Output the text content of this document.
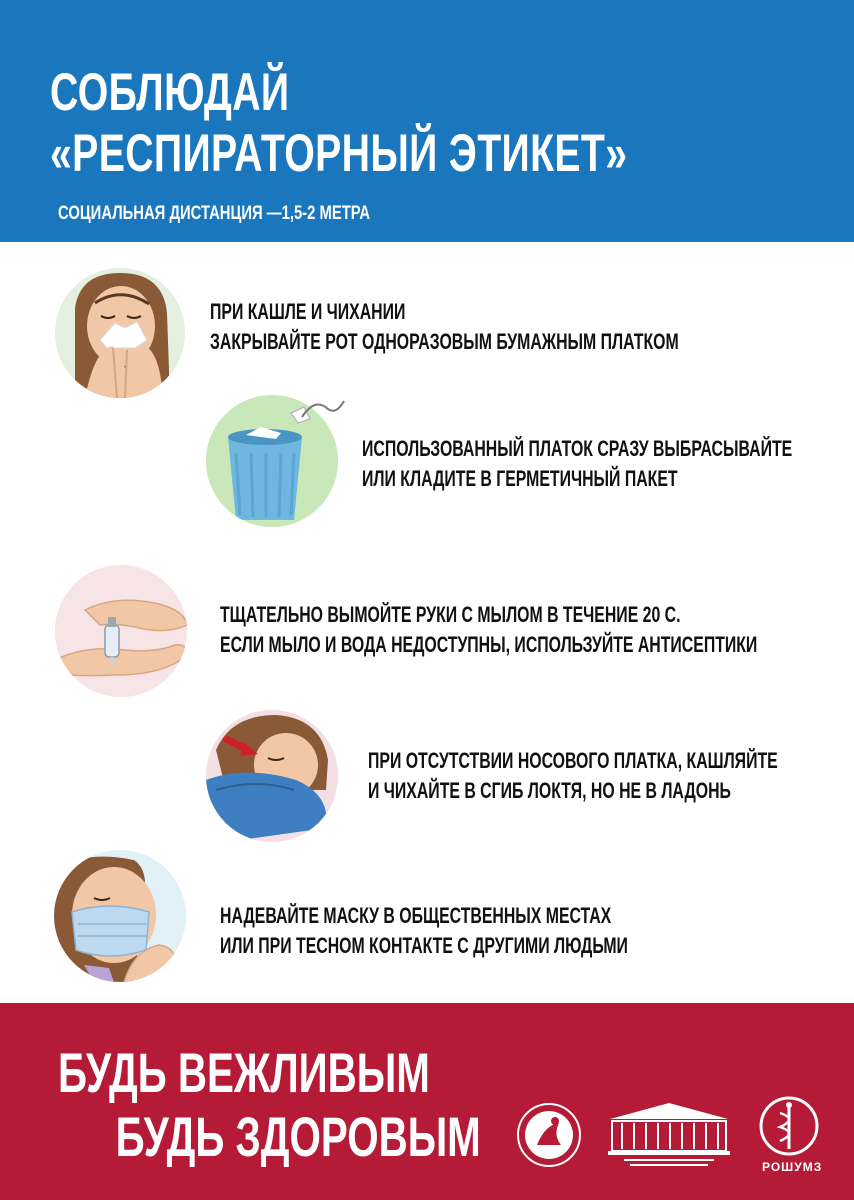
СОБЛЮДАЙ
«РЕСПИРАТОРНЫЙ ЭТИКЕТ»
СОЦИАЛЬНАЯ ДИСТАНЦИЯ —1,5-2 МЕТРА
ПРИ КАШЛЕ И ЧИХАНИИ
ЗАКРЫВАЙТЕ РОТ ОДНОРАЗОВЫМ БУМАЖНЫМ ПЛАТКОМ
ИСПОЛЬЗОВАННЫЙ ПЛАТОК СРАЗУ ВЫБРАСЫВАЙТЕ
ИЛИ КЛАДИТЕ В ГЕРМЕТИЧНЫЙ ПАКЕТ
ТЩАТЕЛЬНО ВЫМОЙТЕ РУКИ С МЫЛОМ В ТЕЧЕНИЕ 20 С.
ЕСЛИ МЫЛО И ВОДА НЕДОСТУПНЫ, ИСПОЛЬЗУЙТЕ АНТИСЕПТИКИ
ПРИ ОТСУТСТВИИ НОСОВОГО ПЛАТКА, КАШЛЯЙТЕ
И ЧИХАЙТЕ В СГИБ ЛОКТЯ, НО НЕ В ЛАДОНЬ
НАДЕВАЙТЕ МАСКУ В ОБЩЕСТВЕННЫХ МЕСТАХ
ИЛИ ПРИ ТЕСНОМ КОНТАКТЕ С ДРУГИМИ ЛЮДЬМИ
БУДЬ ВЕЖЛИВЫМ
БУДЬ ЗДОРОВЫМ	РОШУМЗ
